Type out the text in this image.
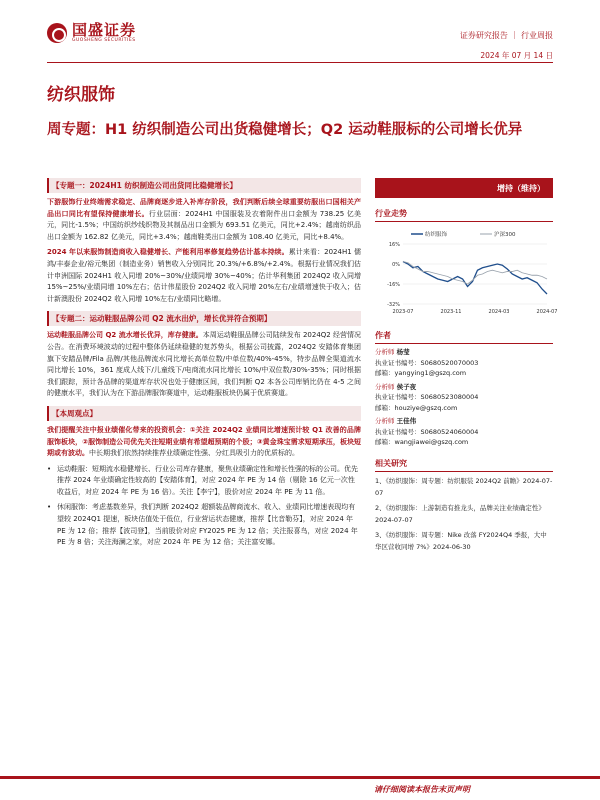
国盛证券
GUOSHENG SECURITIES
证券研究报告 ｜ 行业周报
2024 年 07 月 14 日
纺织服饰
周专题：H1 纺织制造公司出货稳健增长；Q2 运动鞋服标的公司增长优异
【专题一：2024H1 纺织制造公司出货同比稳健增长】
下游服饰行业终端需求稳定、品牌商逐步进入补库存阶段，我们判断后续全球重要纺服出口国相关产品出口同比有望保持健康增长。行业层面：2024H1 中国服装及衣着附件出口金额为 738.25 亿美元，同比-1.5%；中国纺织纱线织物及其制品出口金额为 693.51 亿美元，同比+2.4%；越南纺织品出口金额为 162.82 亿美元，同比+3.4%；越南鞋类出口金额为 108.40 亿美元，同比+8.4%。
2024 年以来服饰制造商收入稳健增长、产能利用率修复趋势估计基本持续。累计来看：2024H1 儒鸿/丰泰企业/裕元集团（制造业务）销售收入分别同比 20.3%/+6.8%/+2.4%。根据行业情况我们估计申洲国际 2024H1 收入同增 20%~30%/业绩同增 30%~40%；估计华利集团 2024Q2 收入同增 15%~25%/业绩同增 10%左右；估计伟星股份 2024Q2 收入同增 20%左右/业绩增速快于收入；估计新澳股份 2024Q2 收入同增 10%左右/业绩同比略增。
【专题二：运动鞋服品牌公司 Q2 流水出炉，增长优异符合预期】
运动鞋服品牌公司 Q2 流水增长优异，库存健康。本周运动鞋服品牌公司陆续发布 2024Q2 经营情况公告。在消费环境波动的过程中整体仍延续稳健的复苏势头，根据公司披露，2024Q2 安踏体育集团旗下安踏品牌/Fila 品牌/其他品牌流水同比增长高单位数/中单位数/40%-45%，特步品牌全渠道流水同比增长 10%，361 度成人线下/儿童线下/电商流水同比增长 10%/中双位数/30%-35%；同时根据我们跟踪，预计各品牌的渠道库存状况也处于健康区间，我们判断 Q2 本各公司库销比仍在 4-5 之间的健康水平，我们认为在下游品牌服饰赛道中，运动鞋服板块仍属于优质赛道。
【本周观点】
我们提醒关注中报业绩催化带来的投资机会：①关注 2024Q2 业绩同比增速预计较 Q1 改善的品牌服饰板块，②服饰制造公司优先关注短期业绩有希望超预期的个股；③黄金珠宝需求短期承压，板块短期或有波动。中长期我们依然持续推荐业绩确定性强、分红具吸引力的优质标的。
• 运动鞋服：短期流水稳健增长、行业公司库存健康，聚焦业绩确定性和增长性强的标的公司。优先推荐 2024 年业绩确定性较高的【安踏体育】，对应 2024 年 PE 为 14 倍（剔除 16 亿元一次性收益后，对应 2024 年 PE 为 16 倍）。关注【李宁】，股价对应 2024 年 PE 为 11 倍。
• 休闲服饰：考虑基数差异，我们判断 2024Q2 超额装品牌商流水、收入、业绩同比增速表现均有望较 2024Q1 提速，板块估值处于低位，行业营运状态健康，推荐【比音勒芬】，对应 2024 年 PE 为 12 倍；推荐【波司登】，当前股价对应 FY2025 PE 为 12 倍；关注报喜鸟，对应 2024 年 PE 为 8 倍；关注海澜之家，对应 2024 年 PE 为 12 倍；关注富安娜。
增持（维持）
行业走势
纺织服饰	沪深300
16%
0%
-16%
-32%
2023-07	2023-11	2024-03	2024-07
作者
分析师 杨莹
执业证书编号：S0680520070003
邮箱：yangying1@gszq.com
分析师 侯子夜
执业证书编号：S0680523080004
邮箱：houziye@gszq.com
分析师 王佳伟
执业证书编号：S0680524060004
邮箱：wangjiawei@gszq.com
相关研究
1、《纺织服饰：周专题：纺织服装 2024Q2 前瞻》2024-07-07
2、《纺织服饰：上游制造有推龙头，品牌关注业绩确定性》2024-07-07
3、《纺织服饰：周专题：Nike 改落 FY2024Q4 季报，大中华区营收同增 7%》2024-06-30
请仔细阅读本报告末页声明
